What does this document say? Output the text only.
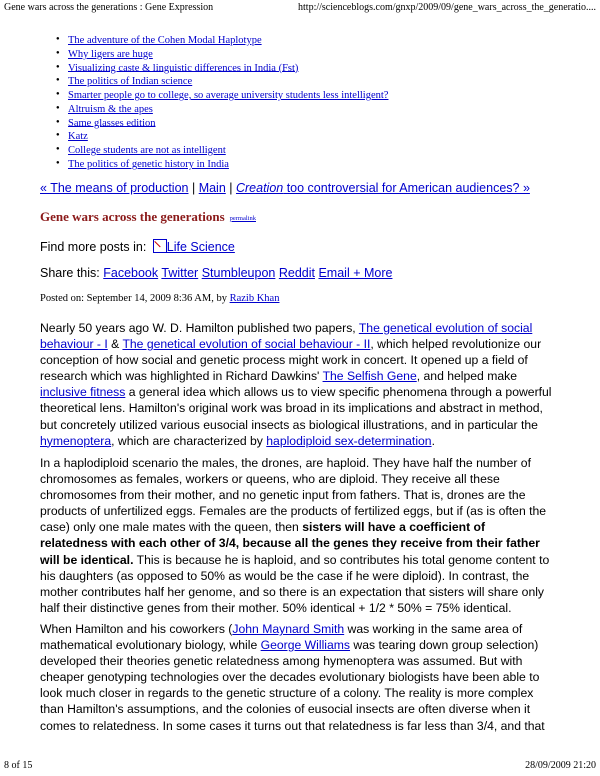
Gene wars across the generations : Gene Expression	http://scienceblogs.com/gnxp/2009/09/gene_wars_across_the_generatio....
● The adventure of the Cohen Modal Haplotype
● Why ligers are huge
● Visualizing caste & linguistic differences in India (Fst)
● The politics of Indian science
● Smarter people go to college, so average university students less intelligent?
● Altruism & the apes
● Same glasses edition
● Katz
● College students are not as intelligent
● The politics of genetic history in India
« The means of production | Main | Creation too controversial for American audiences? »
Gene wars across the generations permalink
Find more posts in: Life Science
Share this: Facebook Twitter Stumbleupon Reddit Email + More
Posted on: September 14, 2009 8:36 AM, by Razib Khan
Nearly 50 years ago W. D. Hamilton published two papers, The genetical evolution of social
behaviour - I & The genetical evolution of social behaviour - II, which helped revolutionize our
conception of how social and genetic process might work in concert. It opened up a field of
research which was highlighted in Richard Dawkins' The Selfish Gene, and helped make
inclusive fitness a general idea which allows us to view specific phenomena through a powerful
theoretical lens. Hamilton's original work was broad in its implications and abstract in method,
but concretely utilized various eusocial insects as biological illustrations, and in particular the
hymenoptera, which are characterized by haplodiploid sex-determination.
In a haplodiploid scenario the males, the drones, are haploid. They have half the number of
chromosomes as females, workers or queens, who are diploid. They receive all these
chromosomes from their mother, and no genetic input from fathers. That is, drones are the
products of unfertilized eggs. Females are the products of fertilized eggs, but if (as is often the
case) only one male mates with the queen, then sisters will have a coefficient of
relatedness with each other of 3/4, because all the genes they receive from their father
will be identical. This is because he is haploid, and so contributes his total genome content to
his daughters (as opposed to 50% as would be the case if he were diploid). In contrast, the
mother contributes half her genome, and so there is an expectation that sisters will share only
half their distinctive genes from their mother. 50% identical + 1/2 * 50% = 75% identical.
When Hamilton and his coworkers (John Maynard Smith was working in the same area of
mathematical evolutionary biology, while George Williams was tearing down group selection)
developed their theories genetic relatedness among hymenoptera was assumed. But with
cheaper genotyping technologies over the decades evolutionary biologists have been able to
look much closer in regards to the genetic structure of a colony. The reality is more complex
than Hamilton's assumptions, and the colonies of eusocial insects are often diverse when it
comes to relatedness. In some cases it turns out that relatedness is far less than 3/4, and that
8 of 15	28/09/2009 21:20
